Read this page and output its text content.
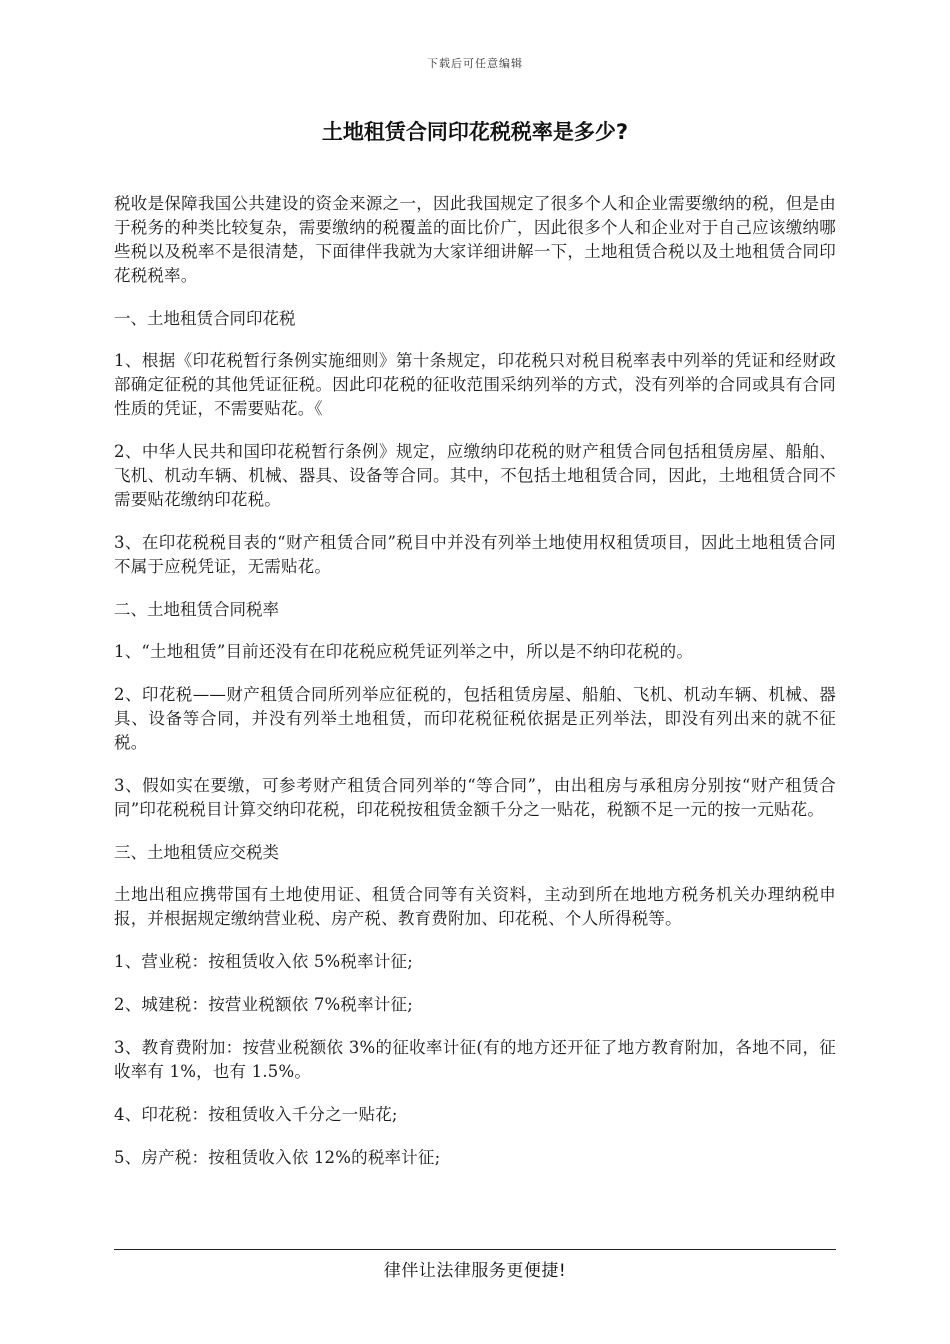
下载后可任意编辑
土地租赁合同印花税税率是多少?

税收是保障我国公共建设的资金来源之一，因此我国规定了很多个人和企业需要缴纳的税，但是由于税务的种类比较复杂，需要缴纳的税覆盖的面比价广，因此很多个人和企业对于自己应该缴纳哪些税以及税率不是很清楚，下面律伴我就为大家详细讲解一下，土地租赁合税以及土地租赁合同印花税税率。

一、土地租赁合同印花税

1、根据《印花税暂行条例实施细则》第十条规定，印花税只对税目税率表中列举的凭证和经财政部确定征税的其他凭证征税。因此印花税的征收范围采纳列举的方式，没有列举的合同或具有合同性质的凭证，不需要贴花。《

2、中华人民共和国印花税暂行条例》规定，应缴纳印花税的财产租赁合同包括租赁房屋、船舶、飞机、机动车辆、机械、器具、设备等合同。其中，不包括土地租赁合同，因此，土地租赁合同不需要贴花缴纳印花税。

3、在印花税税目表的“财产租赁合同”税目中并没有列举土地使用权租赁项目，因此土地租赁合同不属于应税凭证，无需贴花。

二、土地租赁合同税率

1、“土地租赁”目前还没有在印花税应税凭证列举之中，所以是不纳印花税的。

2、印花税——财产租赁合同所列举应征税的，包括租赁房屋、船舶、飞机、机动车辆、机械、器具、设备等合同，并没有列举土地租赁，而印花税征税依据是正列举法，即没有列出来的就不征税。

3、假如实在要缴，可参考财产租赁合同列举的“等合同”，由出租房与承租房分别按“财产租赁合同”印花税税目计算交纳印花税，印花税按租赁金额千分之一贴花，税额不足一元的按一元贴花。

三、土地租赁应交税类

土地出租应携带国有土地使用证、租赁合同等有关资料，主动到所在地地方税务机关办理纳税申报，并根据规定缴纳营业税、房产税、教育费附加、印花税、个人所得税等。

1、营业税：按租赁收入依 5%税率计征;

2、城建税：按营业税额依 7%税率计征;

3、教育费附加：按营业税额依 3%的征收率计征(有的地方还开征了地方教育附加，各地不同，征收率有 1%，也有 1.5%。

4、印花税：按租赁收入千分之一贴花;

5、房产税：按租赁收入依 12%的税率计征;

律伴让法律服务更便捷!
